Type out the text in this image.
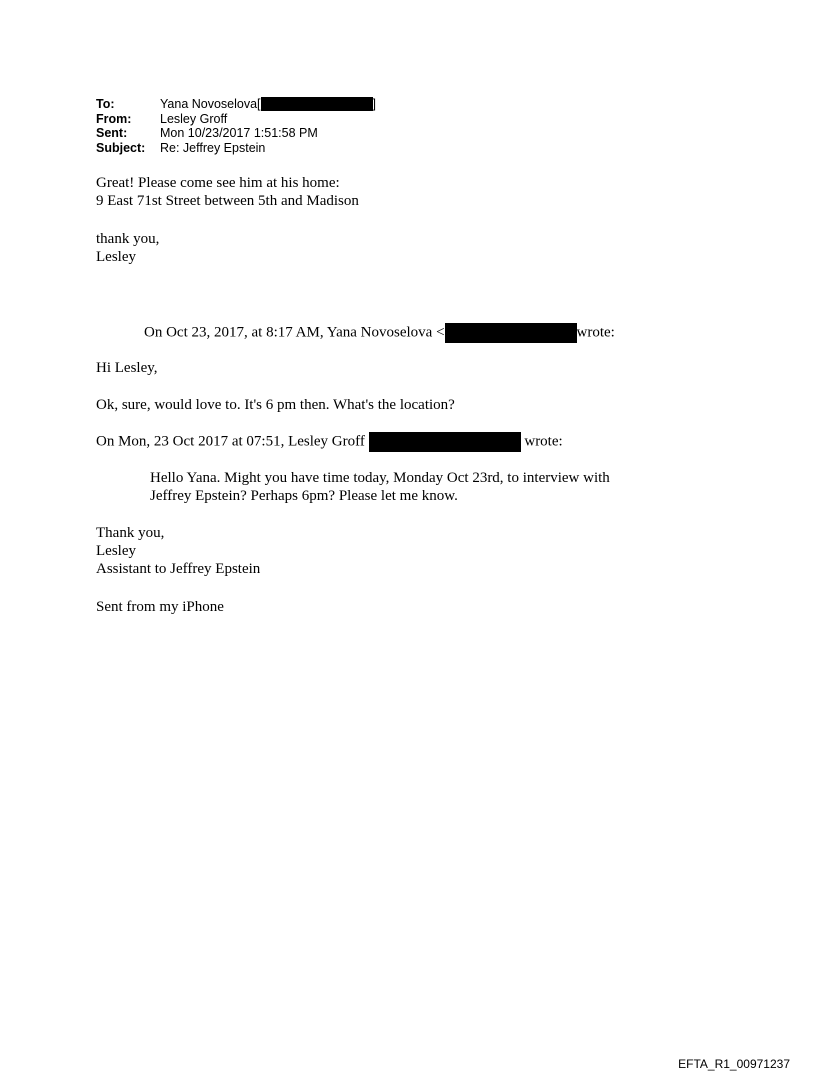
To:	Yana Novoselova[	]
From:	Lesley Groff
Sent:	Mon 10/23/2017 1:51:58 PM
Subject:	Re: Jeffrey Epstein
Great! Please come see him at his home:
9 East 71st Street between 5th and Madison
thank you,
Lesley
On Oct 23, 2017, at 8:17 AM, Yana Novoselova <	wrote:
Hi Lesley,
Ok, sure, would love to. It's 6 pm then. What's the location?
On Mon, 23 Oct 2017 at 07:51, Lesley Groff	wrote:
Hello Yana. Might you have time today, Monday Oct 23rd, to interview with
Jeffrey Epstein? Perhaps 6pm? Please let me know.
Thank you,
Lesley
Assistant to Jeffrey Epstein
Sent from my iPhone
EFTA_R1_00971237
